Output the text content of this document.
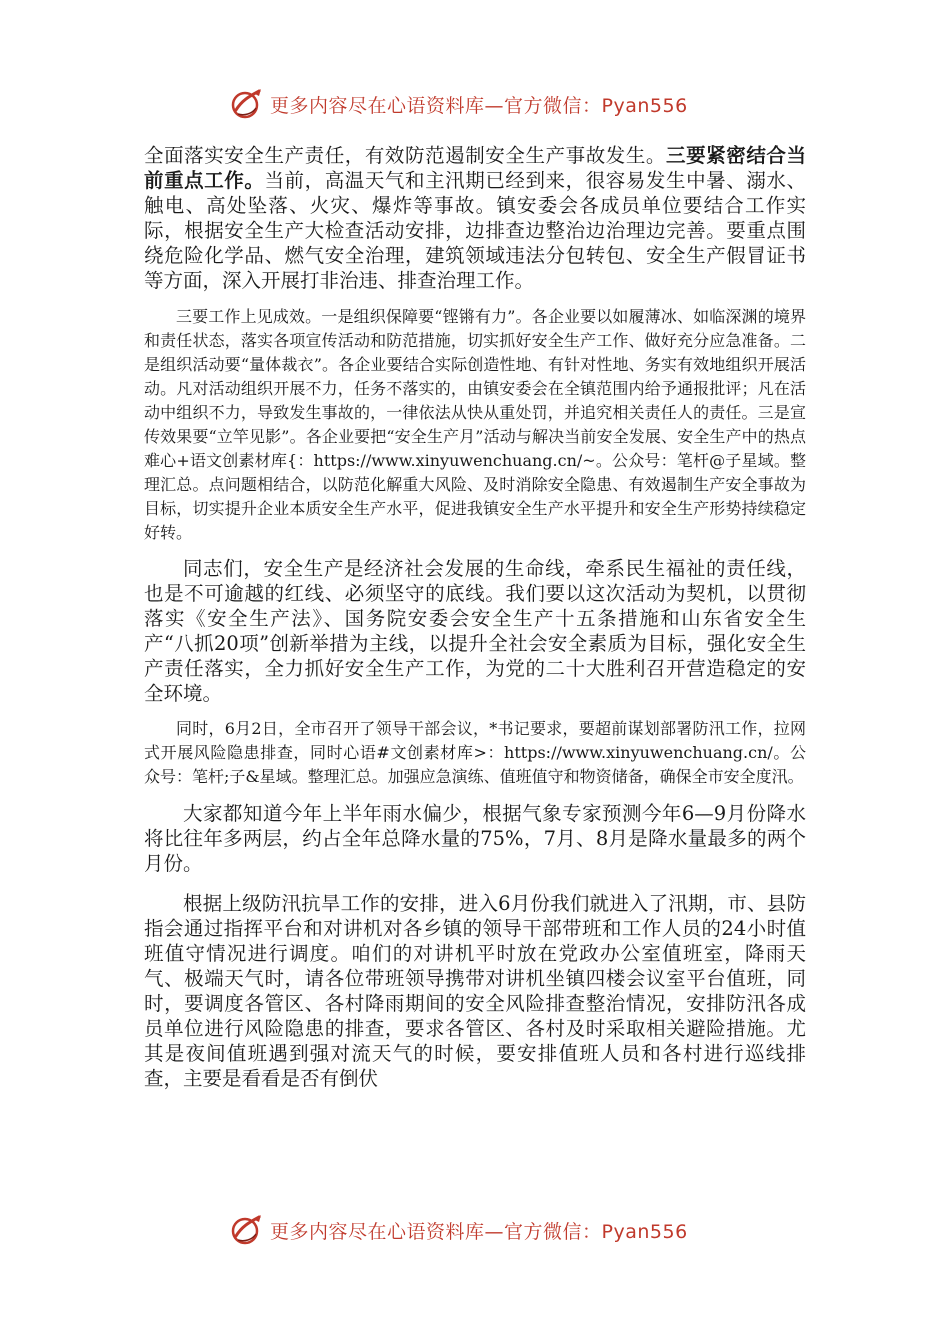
更多内容尽在心语资料库—官方微信：Pyan556

全面落实安全生产责任，有效防范遏制安全生产事故发生。三要紧密结合当前重点工作。当前，高温天气和主汛期已经到来，很容易发生中暑、溺水、触电、高处坠落、火灾、爆炸等事故。镇安委会各成员单位要结合工作实际，根据安全生产大检查活动安排，边排查边整治边治理边完善。要重点围绕危险化学品、燃气安全治理，建筑领域违法分包转包、安全生产假冒证书等方面，深入开展打非治违、排查治理工作。

三要工作上见成效。一是组织保障要“铿锵有力”。各企业要以如履薄冰、如临深渊的境界和责任状态，落实各项宣传活动和防范措施，切实抓好安全生产工作、做好充分应急准备。二是组织活动要“量体裁衣”。各企业要结合实际创造性地、有针对性地、务实有效地组织开展活动。凡对活动组织开展不力，任务不落实的，由镇安委会在全镇范围内给予通报批评；凡在活动中组织不力，导致发生事故的，一律依法从快从重处罚，并追究相关责任人的责任。三是宣传效果要“立竿见影”。各企业要把“安全生产月”活动与解决当前安全发展、安全生产中的热点难心+语文创素材库{：https://www.xinyuwenchuang.cn/~。公众号：笔杆@子星域。整理汇总。点问题相结合，以防范化解重大风险、及时消除安全隐患、有效遏制生产安全事故为目标，切实提升企业本质安全生产水平，促进我镇安全生产水平提升和安全生产形势持续稳定好转。

同志们，安全生产是经济社会发展的生命线，牵系民生福祉的责任线，也是不可逾越的红线、必须坚守的底线。我们要以这次活动为契机，以贯彻落实《安全生产法》、国务院安委会安全生产十五条措施和山东省安全生产“八抓20项”创新举措为主线，以提升全社会安全素质为目标，强化安全生产责任落实，全力抓好安全生产工作，为党的二十大胜利召开营造稳定的安全环境。

同时，6月2日，全市召开了领导干部会议，*书记要求，要超前谋划部署防汛工作，拉网式开展风险隐患排查，同时心语#文创素材库>：https://www.xinyuwenchuang.cn/。公众号：笔杆;子&星域。整理汇总。加强应急演练、值班值守和物资储备，确保全市安全度汛。

大家都知道今年上半年雨水偏少，根据气象专家预测今年6—9月份降水将比往年多两层，约占全年总降水量的75%，7月、8月是降水量最多的两个月份。

根据上级防汛抗旱工作的安排，进入6月份我们就进入了汛期，市、县防指会通过指挥平台和对讲机对各乡镇的领导干部带班和工作人员的24小时值班值守情况进行调度。咱们的对讲机平时放在党政办公室值班室，降雨天气、极端天气时，请各位带班领导携带对讲机坐镇四楼会议室平台值班，同时，要调度各管区、各村降雨期间的安全风险排查整治情况，安排防汛各成员单位进行风险隐患的排查，要求各管区、各村及时采取相关避险措施。尤其是夜间值班遇到强对流天气的时候，要安排值班人员和各村进行巡线排查，主要是看看是否有倒伏

更多内容尽在心语资料库—官方微信：Pyan556
